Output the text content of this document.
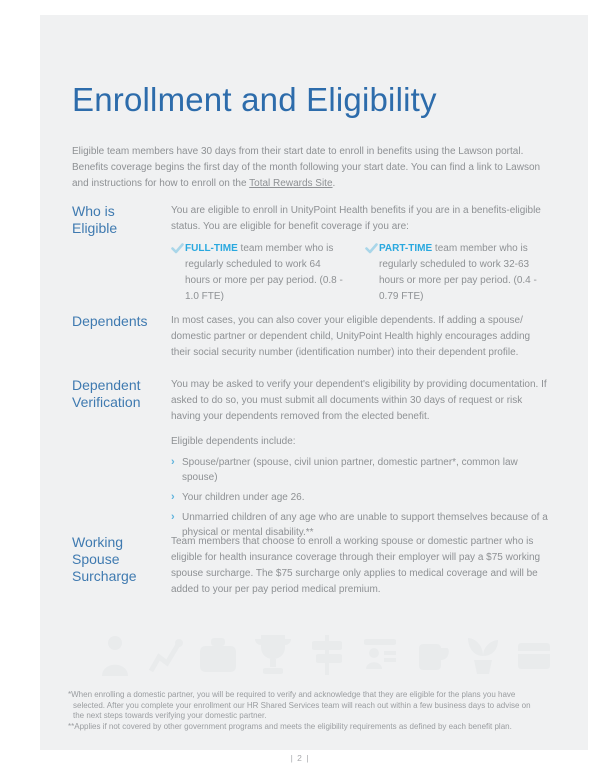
Enrollment and Eligibility

Eligible team members have 30 days from their start date to enroll in benefits using the Lawson portal. Benefits coverage begins the first day of the month following your start date. You can find a link to Lawson and instructions for how to enroll on the Total Rewards Site.

Who is Eligible
You are eligible to enroll in UnityPoint Health benefits if you are in a benefits-eligible status. You are eligible for benefit coverage if you are:
FULL-TIME team member who is regularly scheduled to work 64 hours or more per pay period. (0.8 - 1.0 FTE)
PART-TIME team member who is regularly scheduled to work 32-63 hours or more per pay period. (0.4 - 0.79 FTE)
Dependents	In most cases, you can also cover your eligible dependents. If adding a spouse/ domestic partner or dependent child, UnityPoint Health highly encourages adding their social security number (identification number) into their dependent profile.
Dependent Verification
You may be asked to verify your dependent's eligibility by providing documentation. If asked to do so, you must submit all documents within 30 days of request or risk having your dependents removed from the elected benefit.
Eligible dependents include:
› Spouse/partner (spouse, civil union partner, domestic partner*, common law spouse)
› Your children under age 26.
› Unmarried children of any age who are unable to support themselves because of a physical or mental disability.**
Working Spouse Surcharge
Team members that choose to enroll a working spouse or domestic partner who is eligible for health insurance coverage through their employer will pay a $75 working spouse surcharge. The $75 surcharge only applies to medical coverage and will be added to your per pay period medical premium.
*When enrolling a domestic partner, you will be required to verify and acknowledge that they are eligible for the plans you have selected. After you complete your enrollment our HR Shared Services team will reach out within a few business days to advise on the next steps towards verifying your domestic partner.
**Applies if not covered by other government programs and meets the eligibility requirements as defined by each benefit plan.
| 2 |
